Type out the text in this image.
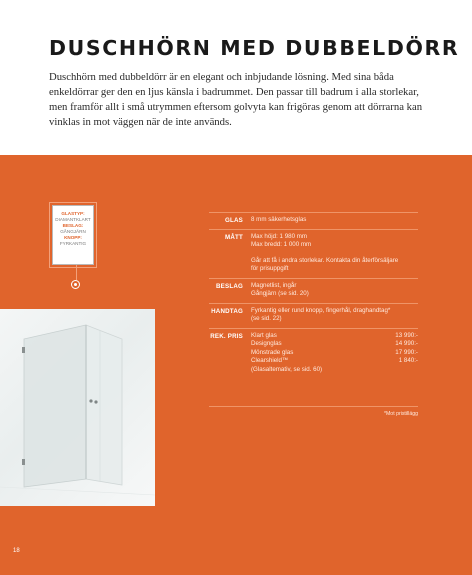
DUSCHHÖRN MED DUBBELDÖRR
Duschhörn med dubbeldörr är en elegant och inbjudande lösning. Med sina båda enkeldörrar ger den en ljus känsla i badrummet. Den passar till badrum i alla storlekar, men framför allt i små utrymmen eftersom golvyta kan frigöras genom att dörrarna kan vinklas in mot väggen när de inte används.
GLASTYP:
DIAMANTKLART
BESLAG:
GÅNGJÄRN
KNOPP:
FYRKANTIG
GLAS 8 mm säkerhetsglas
MÅTT Max höjd: 1 980 mm
Max bredd: 1 000 mm
Går att få i andra storlekar. Kontakta din återförsäljare
för prisuppgift
BESLAG Magnetlist, ingår
Gångjärn (se sid. 20)
HANDTAG Fyrkantig eller rund knopp, fingerhål, draghandtag*
(se sid. 22)
REK. PRIS Klart glas	13 990:-
Designglas	14 990:-
Mönstrade glas	17 990:-
Clearshield™	1 840:-
(Glasaltemativ, se sid. 60)
*Mot pristillägg
18
